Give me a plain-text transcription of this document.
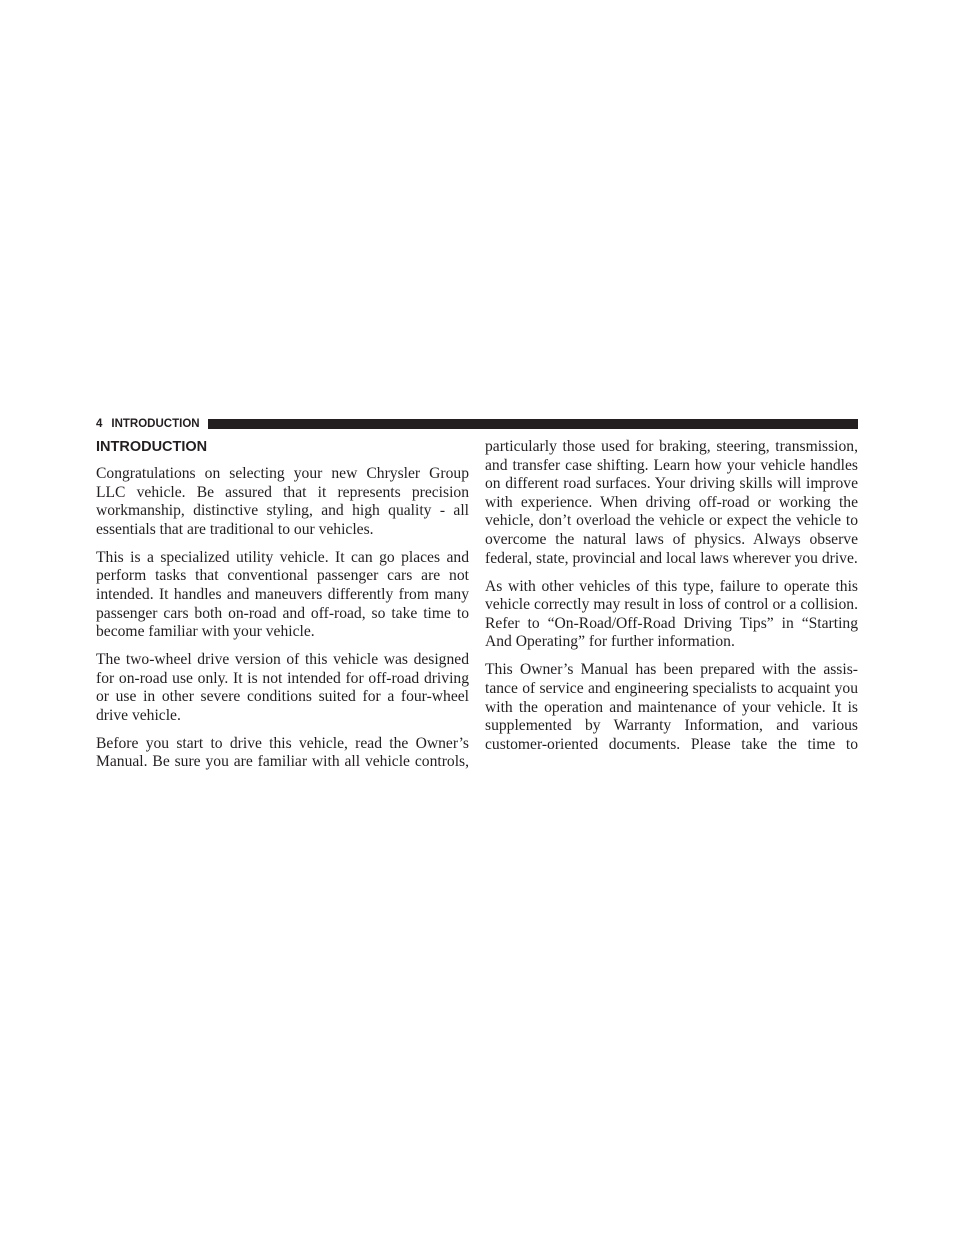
4 INTRODUCTION
INTRODUCTION

Congratulations on selecting your new Chrysler Group LLC vehicle. Be assured that it represents precision workmanship, distinctive styling, and high quality - all essentials that are traditional to our vehicles.

This is a specialized utility vehicle. It can go places and perform tasks that conventional passenger cars are not intended. It handles and maneuvers differently from many passenger cars both on-road and off-road, so take time to become familiar with your vehicle.

The two-wheel drive version of this vehicle was designed for on-road use only. It is not intended for off-road driving or use in other severe conditions suited for a four-wheel drive vehicle.

Before you start to drive this vehicle, read the Owner’s Manual. Be sure you are familiar with all vehicle controls,

particularly those used for braking, steering, transmission, and transfer case shifting. Learn how your vehicle handles on different road surfaces. Your driving skills will improve with experience. When driving off-road or working the vehicle, don’t overload the vehicle or expect the vehicle to overcome the natural laws of physics. Always observe federal, state, provincial and local laws wherever you drive.

As with other vehicles of this type, failure to operate this vehicle correctly may result in loss of control or a collision. Refer to “On-Road/Off-Road Driving Tips” in “Starting And Operating” for further information.

This Owner’s Manual has been prepared with the assistance of service and engineering specialists to acquaint you with the operation and maintenance of your vehicle. It is supplemented by Warranty Information, and various customer-oriented documents. Please take the time to
